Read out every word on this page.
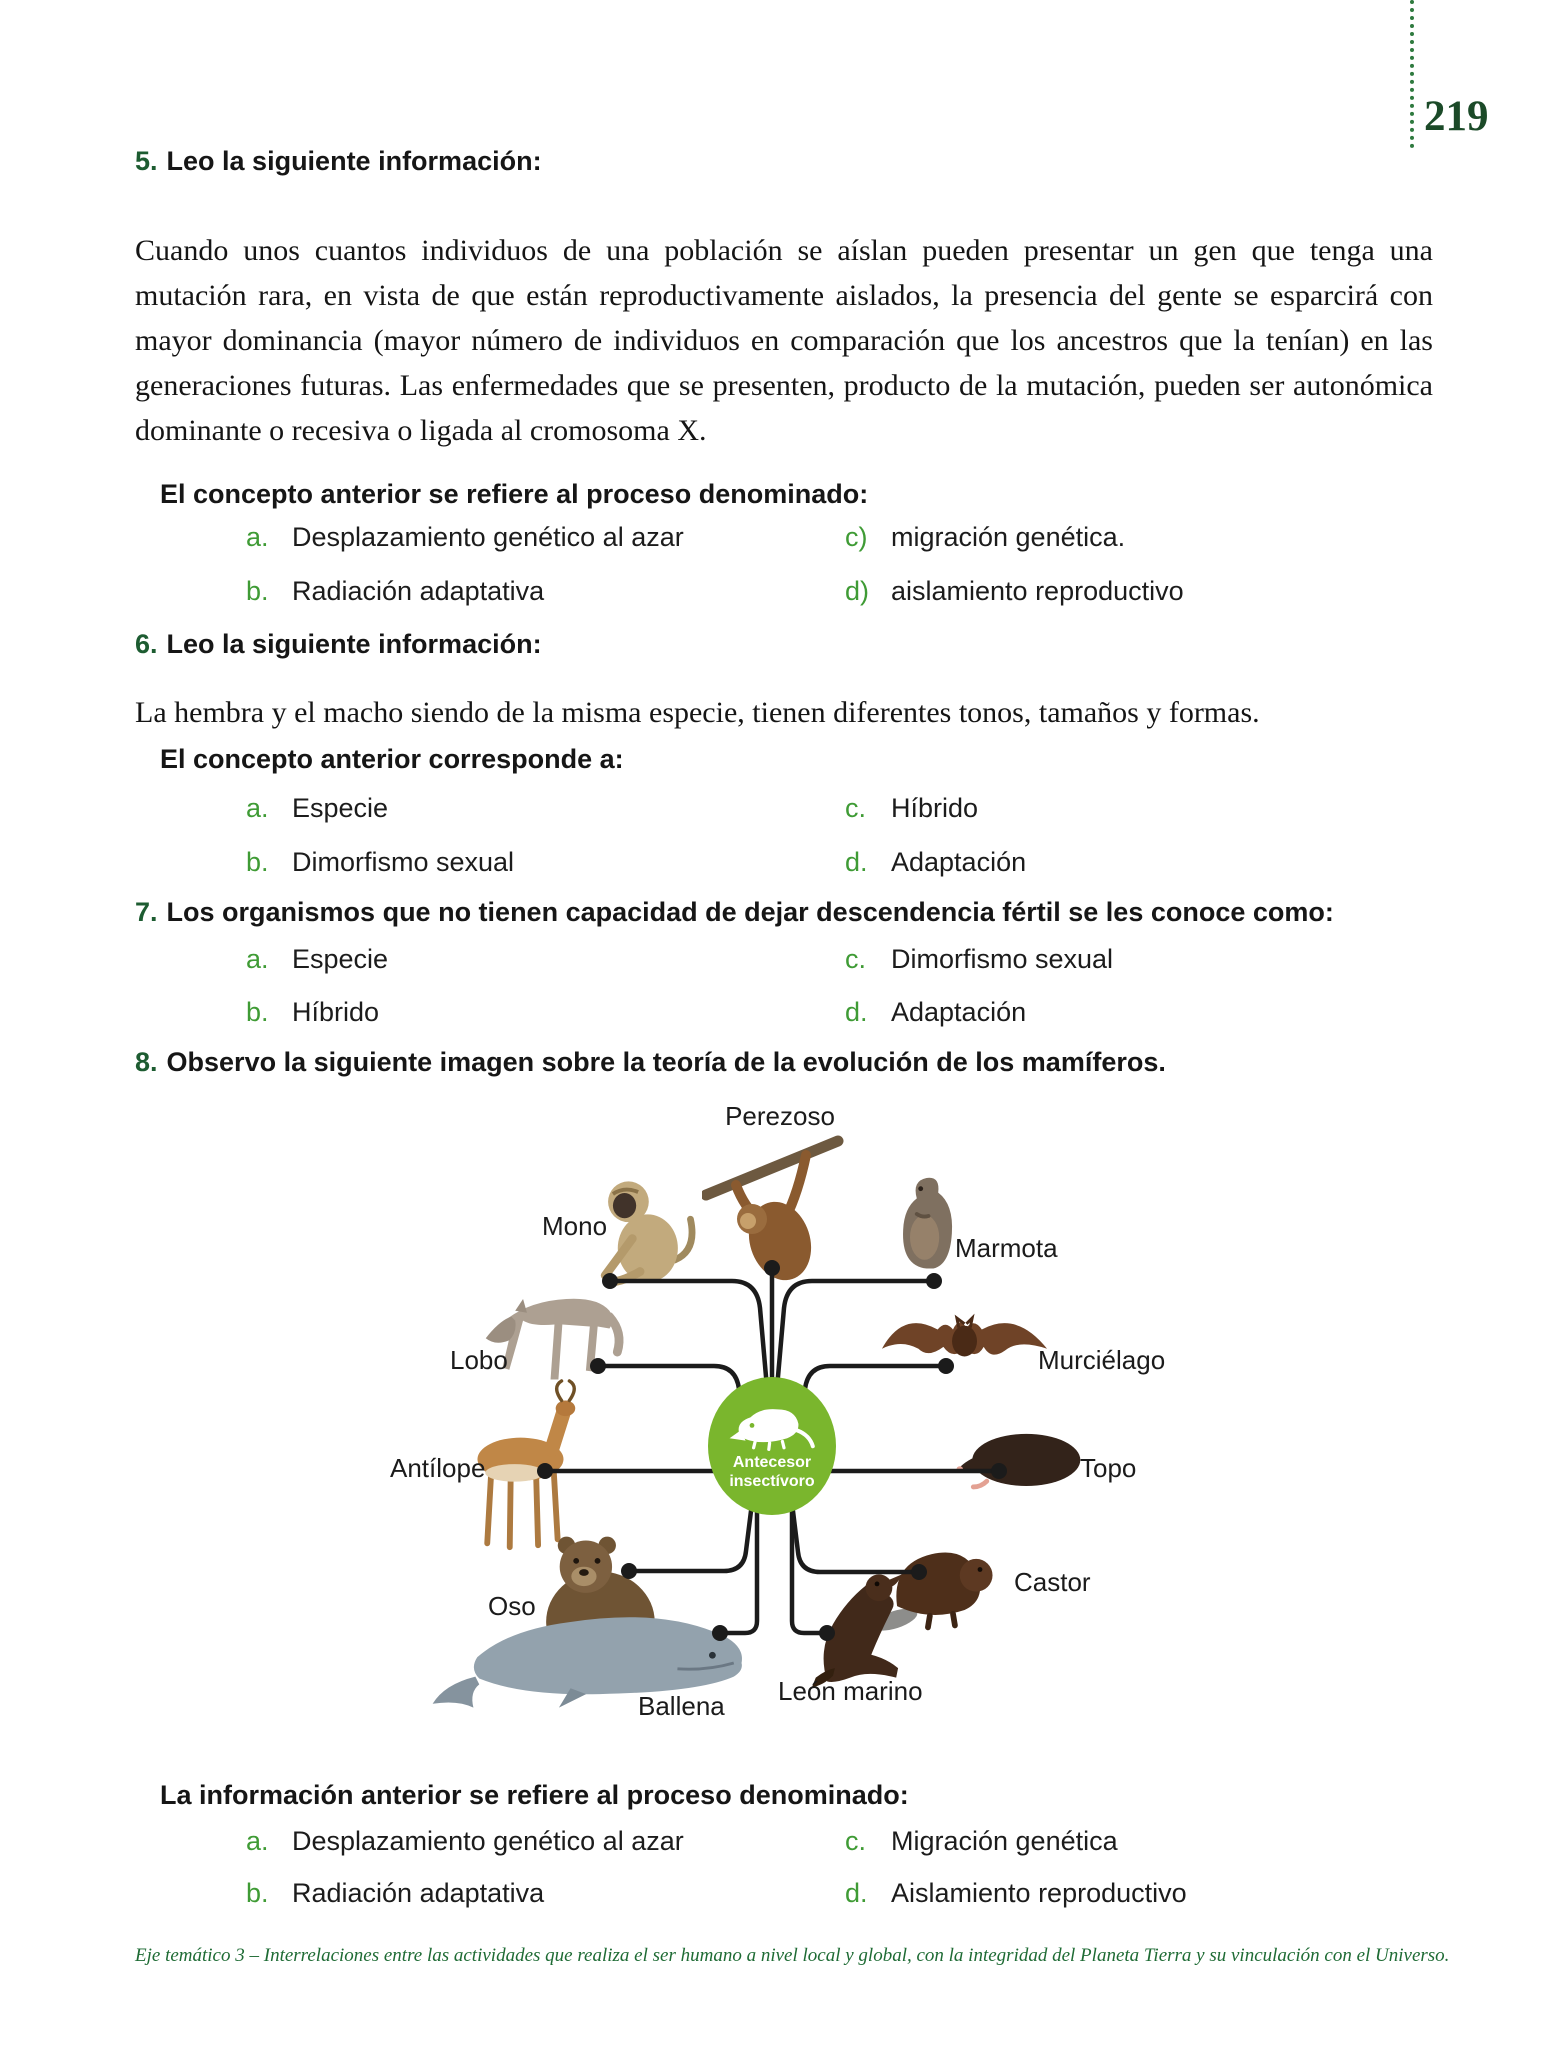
219
5. Leo la siguiente información:
Cuando unos cuantos individuos de una población se aíslan pueden presentar un gen que tenga una mutación rara, en vista de que están reproductivamente aislados, la presencia del gente se esparcirá con mayor dominancia (mayor número de individuos en comparación que los ancestros que la tenían) en las generaciones futuras. Las enfermedades que se presenten, producto de la mutación, pueden ser autonómica dominante o recesiva o ligada al cromosoma X.
El concepto anterior se refiere al proceso denominado:
a. Desplazamiento genético al azar	c) migración genética.
b. Radiación adaptativa	d) aislamiento reproductivo
6. Leo la siguiente información:
La hembra y el macho siendo de la misma especie, tienen diferentes tonos, tamaños y formas.
El concepto anterior corresponde a:
a. Especie	c. Híbrido
b. Dimorfismo sexual	d. Adaptación
7. Los organismos que no tienen capacidad de dejar descendencia fértil se les conoce como:
a. Especie	c. Dimorfismo sexual
b. Híbrido	d. Adaptación
8. Observo la siguiente imagen sobre la teoría de la evolución de los mamíferos.
Antecesor
insectívoro
Perezoso
Mono
Marmota
Lobo	Murciélago
Antílope	Topo
Oso
Castor
Ballena León marino
La información anterior se refiere al proceso denominado:
a. Desplazamiento genético al azar	c. Migración genética
b. Radiación adaptativa	d. Aislamiento reproductivo
Eje temático 3 – Interrelaciones entre las actividades que realiza el ser humano a nivel local y global, con la integridad del Planeta Tierra y su vinculación con el Universo.
